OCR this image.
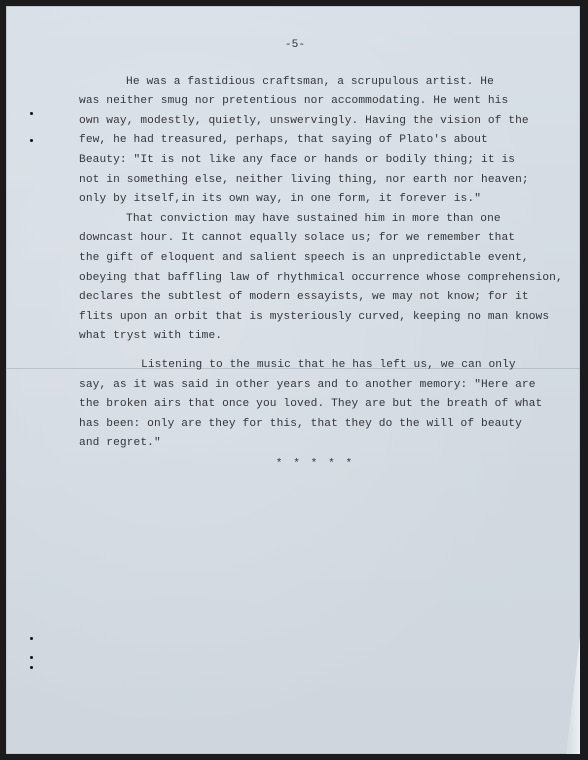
-5-
He was a fastidious craftsman, a scrupulous artist. He
was neither smug nor pretentious nor accommodating. He went his
own way, modestly, quietly, unswervingly. Having the vision of the
few, he had treasured, perhaps, that saying of Plato's about
Beauty: "It is not like any face or hands or bodily thing; it is
not in something else, neither living thing, nor earth nor heaven;
only by itself,in its own way, in one form, it forever is."
That conviction may have sustained him in more than one
downcast hour. It cannot equally solace us; for we remember that
the gift of eloquent and salient speech is an unpredictable event,
obeying that baffling law of rhythmical occurrence whose comprehension,
declares the subtlest of modern essayists, we may not know; for it
flits upon an orbit that is mysteriously curved, keeping no man knows
what tryst with time.
Listening to the music that he has left us, we can only
say, as it was said in other years and to another memory: "Here are
the broken airs that once you loved. They are but the breath of what
has been: only are they for this, that they do the will of beauty
and regret."
* * * * *
